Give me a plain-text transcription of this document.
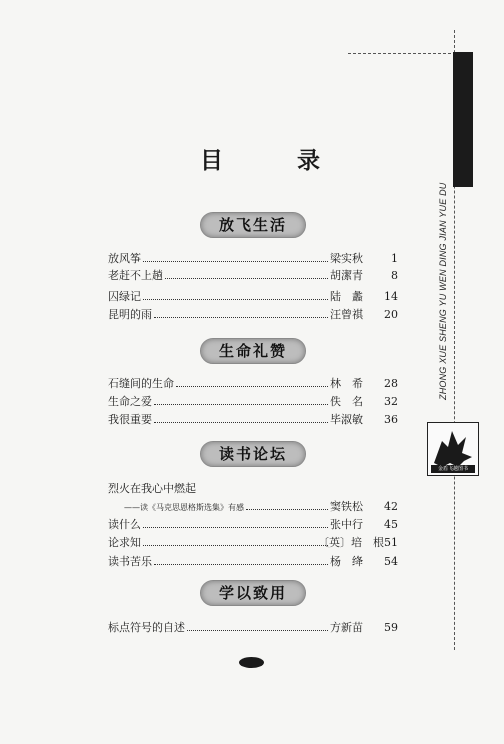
ZHONG XUE SHENG YU WEN DING JIAN YUE DU
金盾飞越图书
目	录
放飞生活
放风筝	梁实秋	1
老赶不上趟	胡潔青	8
囚绿记	陆　蠡	14
昆明的雨	汪曾祺	20
生命礼赞
石缝间的生命	林　希	28
生命之爱	佚　名	32
我很重要	毕淑敏	36
读书论坛
烈火在我心中燃起
——读《马克思恩格斯选集》有感	窦铁松	42
读什么	张中行	45
论求知	〔英〕培　根 51
读书苦乐	杨　绛	54
学以致用
标点符号的自述	方新苗	59
